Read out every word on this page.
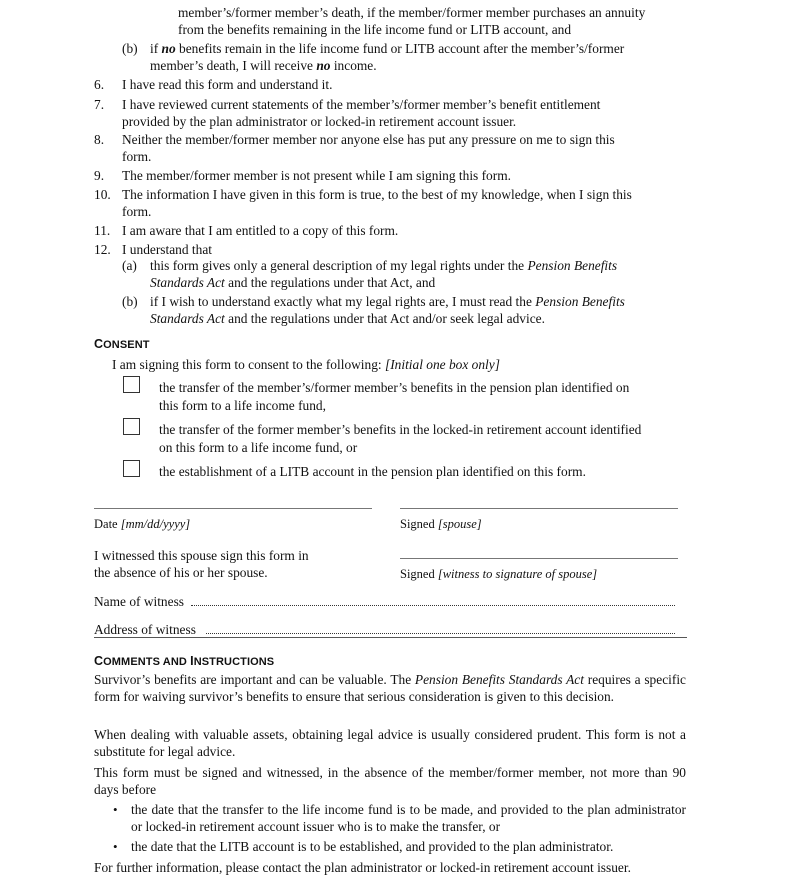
member’s/former member’s death, if the member/former member purchases an annuity
from the benefits remaining in the life income fund or LITB account, and
(b) if no benefits remain in the life income fund or LITB account after the member’s/former
member’s death, I will receive no income.
6. I have read this form and understand it.
7. I have reviewed current statements of the member’s/former member’s benefit entitlement
provided by the plan administrator or locked-in retirement account issuer.
8. Neither the member/former member nor anyone else has put any pressure on me to sign this
form.
9. The member/former member is not present while I am signing this form.
10. The information I have given in this form is true, to the best of my knowledge, when I sign this
form.
11. I am aware that I am entitled to a copy of this form.
12. I understand that
(a) this form gives only a general description of my legal rights under the Pension Benefits
Standards Act and the regulations under that Act, and
(b) if I wish to understand exactly what my legal rights are, I must read the Pension Benefits
Standards Act and the regulations under that Act and/or seek legal advice.
CONSENT
I am signing this form to consent to the following: [Initial one box only]
the transfer of the member’s/former member’s benefits in the pension plan identified on
this form to a life income fund,
the transfer of the former member’s benefits in the locked-in retirement account identified
on this form to a life income fund, or
the establishment of a LITB account in the pension plan identified on this form.
Date [mm/dd/yyyy]	Signed [spouse]
I witnessed this spouse sign this form in
the absence of his or her spouse.	Signed [witness to signature of spouse]
Name of witness
Address of witness
COMMENTS AND INSTRUCTIONS
Survivor’s benefits are important and can be valuable. The Pension Benefits Standards Act requires a specific form for waiving survivor’s benefits to ensure that serious consideration is given to this decision.
When dealing with valuable assets, obtaining legal advice is usually considered prudent. This form is not a substitute for legal advice.
This form must be signed and witnessed, in the absence of the member/former member, not more than 90 days before
• the date that the transfer to the life income fund is to be made, and provided to the plan administrator or locked-in retirement account issuer who is to make the transfer, or
• the date that the LITB account is to be established, and provided to the plan administrator.
For further information, please contact the plan administrator or locked-in retirement account issuer.
